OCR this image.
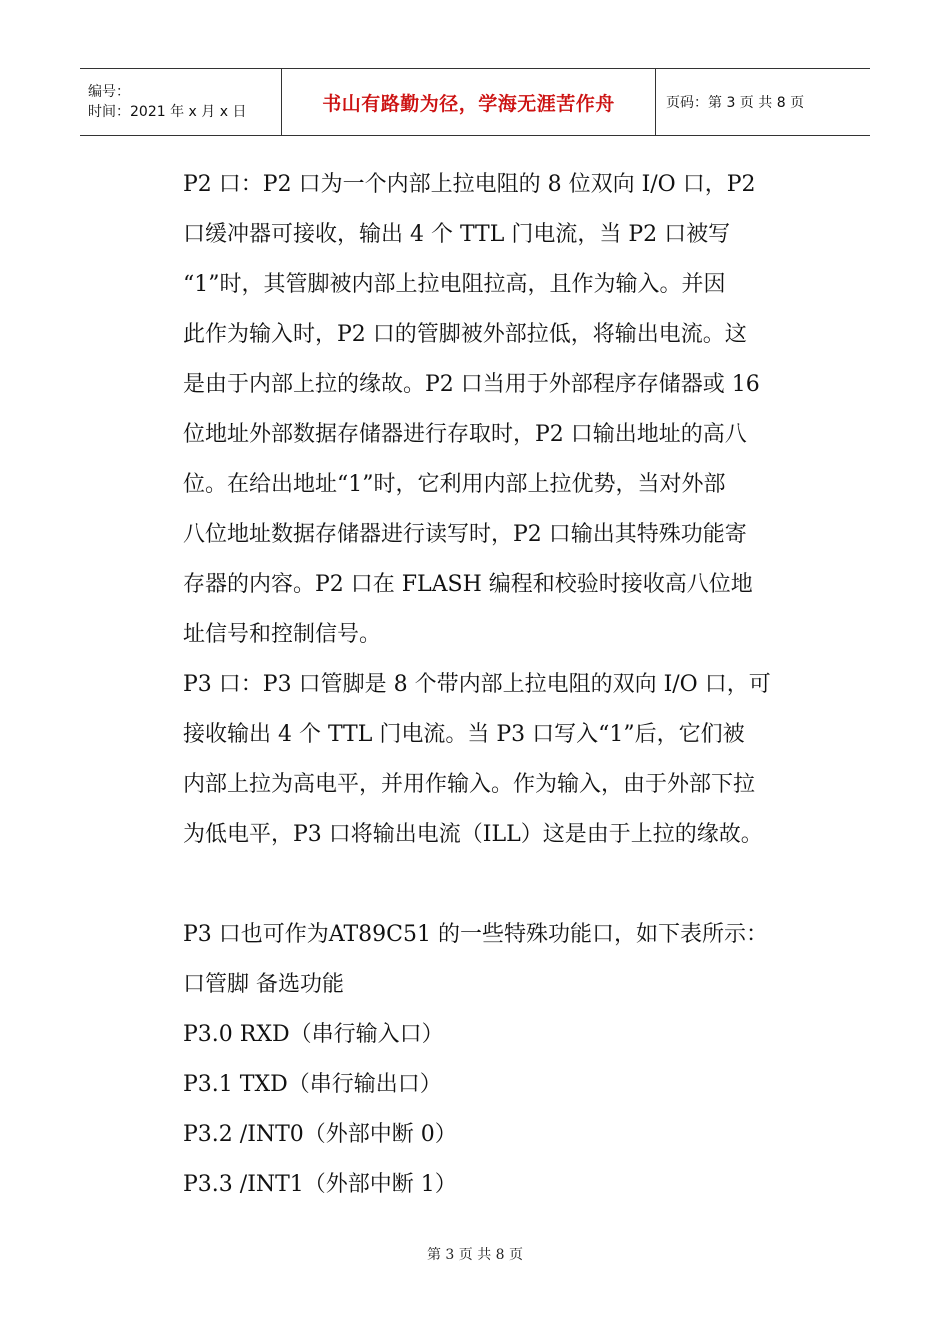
编号：
时间：2021 年 x 月 x 日	书山有路勤为径，学海无涯苦作舟	页码：第 3 页 共 8 页

P2 口：P2 口为一个内部上拉电阻的 8 位双向 I/O 口，P2

口缓冲器可接收，输出 4 个 TTL 门电流，当 P2 口被写

“1”时，其管脚被内部上拉电阻拉高，且作为输入。并因

此作为输入时，P2 口的管脚被外部拉低，将输出电流。这

是由于内部上拉的缘故。P2 口当用于外部程序存储器或 16

位地址外部数据存储器进行存取时，P2 口输出地址的高八

位。在给出地址“1”时，它利用内部上拉优势，当对外部

八位地址数据存储器进行读写时，P2 口输出其特殊功能寄

存器的内容。P2 口在 FLASH 编程和校验时接收高八位地

址信号和控制信号。

P3 口：P3 口管脚是 8 个带内部上拉电阻的双向 I/O 口，可

接收输出 4 个 TTL 门电流。当 P3 口写入“1”后，它们被

内部上拉为高电平，并用作输入。作为输入，由于外部下拉

为低电平，P3 口将输出电流（ILL）这是由于上拉的缘故。

P3 口也可作为AT89C51 的一些特殊功能口，如下表所示：

口管脚 备选功能

P3.0 RXD（串行输入口）

P3.1 TXD（串行输出口）

P3.2 /INT0（外部中断 0）

P3.3 /INT1（外部中断 1）

第 3 页 共 8 页
